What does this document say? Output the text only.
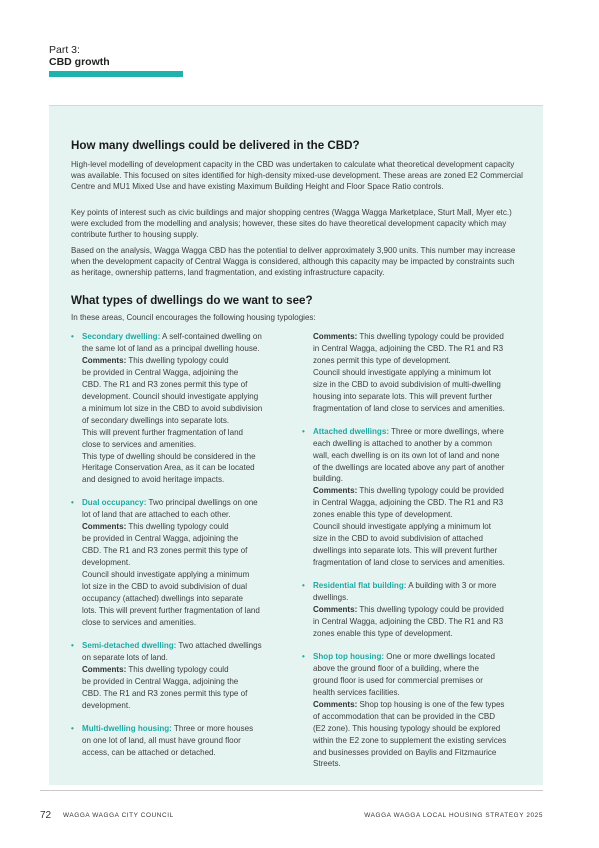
Part 3:
CBD growth
How many dwellings could be delivered in the CBD?

High-level modelling of development capacity in the CBD was undertaken to calculate what theoretical development capacity was available. This focused on sites identified for high-density mixed-use development. These areas are zoned E2 Commercial Centre and MU1 Mixed Use and have existing Maximum Building Height and Floor Space Ratio controls.

Key points of interest such as civic buildings and major shopping centres (Wagga Wagga Marketplace, Sturt Mall, Myer etc.) were excluded from the modelling and analysis; however, these sites do have theoretical development capacity which may contribute further to housing supply.

Based on the analysis, Wagga Wagga CBD has the potential to deliver approximately 3,900 units. This number may increase when the development capacity of Central Wagga is considered, although this capacity may be impacted by constraints such as heritage, ownership patterns, land fragmentation, and existing infrastructure capacity.

What types of dwellings do we want to see?

In these areas, Council encourages the following housing typologies:

• Secondary dwelling: A self-contained dwelling on
the same lot of land as a principal dwelling house.
Comments: This dwelling typology could
be provided in Central Wagga, adjoining the
CBD. The R1 and R3 zones permit this type of
development. Council should investigate applying
a minimum lot size in the CBD to avoid subdivision
of secondary dwellings into separate lots.
This will prevent further fragmentation of land
close to services and amenities.
This type of dwelling should be considered in the
Heritage Conservation Area, as it can be located
and designed to avoid heritage impacts.
• Dual occupancy: Two principal dwellings on one
lot of land that are attached to each other.
Comments: This dwelling typology could
be provided in Central Wagga, adjoining the
CBD. The R1 and R3 zones permit this type of
development.
Council should investigate applying a minimum
lot size in the CBD to avoid subdivision of dual
occupancy (attached) dwellings into separate
lots. This will prevent further fragmentation of land
close to services and amenities.
• Semi-detached dwelling: Two attached dwellings
on separate lots of land.
Comments: This dwelling typology could
be provided in Central Wagga, adjoining the
CBD. The R1 and R3 zones permit this type of
development.
• Multi-dwelling housing: Three or more houses
on one lot of land, all must have ground floor
access, can be attached or detached.
Comments: This dwelling typology could be provided
in Central Wagga, adjoining the CBD. The R1 and R3
zones permit this type of development.
Council should investigate applying a minimum lot
size in the CBD to avoid subdivision of multi-dwelling
housing into separate lots. This will prevent further
fragmentation of land close to services and amenities.
• Attached dwellings: Three or more dwellings, where
each dwelling is attached to another by a common
wall, each dwelling is on its own lot of land and none
of the dwellings are located above any part of another
building.
Comments: This dwelling typology could be provided
in Central Wagga, adjoining the CBD. The R1 and R3
zones enable this type of development.
Council should investigate applying a minimum lot
size in the CBD to avoid subdivision of attached
dwellings into separate lots. This will prevent further
fragmentation of land close to services and amenities.
• Residential flat building: A building with 3 or more
dwellings.
Comments: This dwelling typology could be provided
in Central Wagga, adjoining the CBD. The R1 and R3
zones enable this type of development.
• Shop top housing: One or more dwellings located
above the ground floor of a building, where the
ground floor is used for commercial premises or
health services facilities.
Comments: Shop top housing is one of the few types
of accommodation that can be provided in the CBD
(E2 zone). This housing typology should be explored
within the E2 zone to supplement the existing services
and businesses provided on Baylis and Fitzmaurice
Streets.
72 WAGGA WAGGA CITY COUNCIL	WAGGA WAGGA LOCAL HOUSING STRATEGY 2025
